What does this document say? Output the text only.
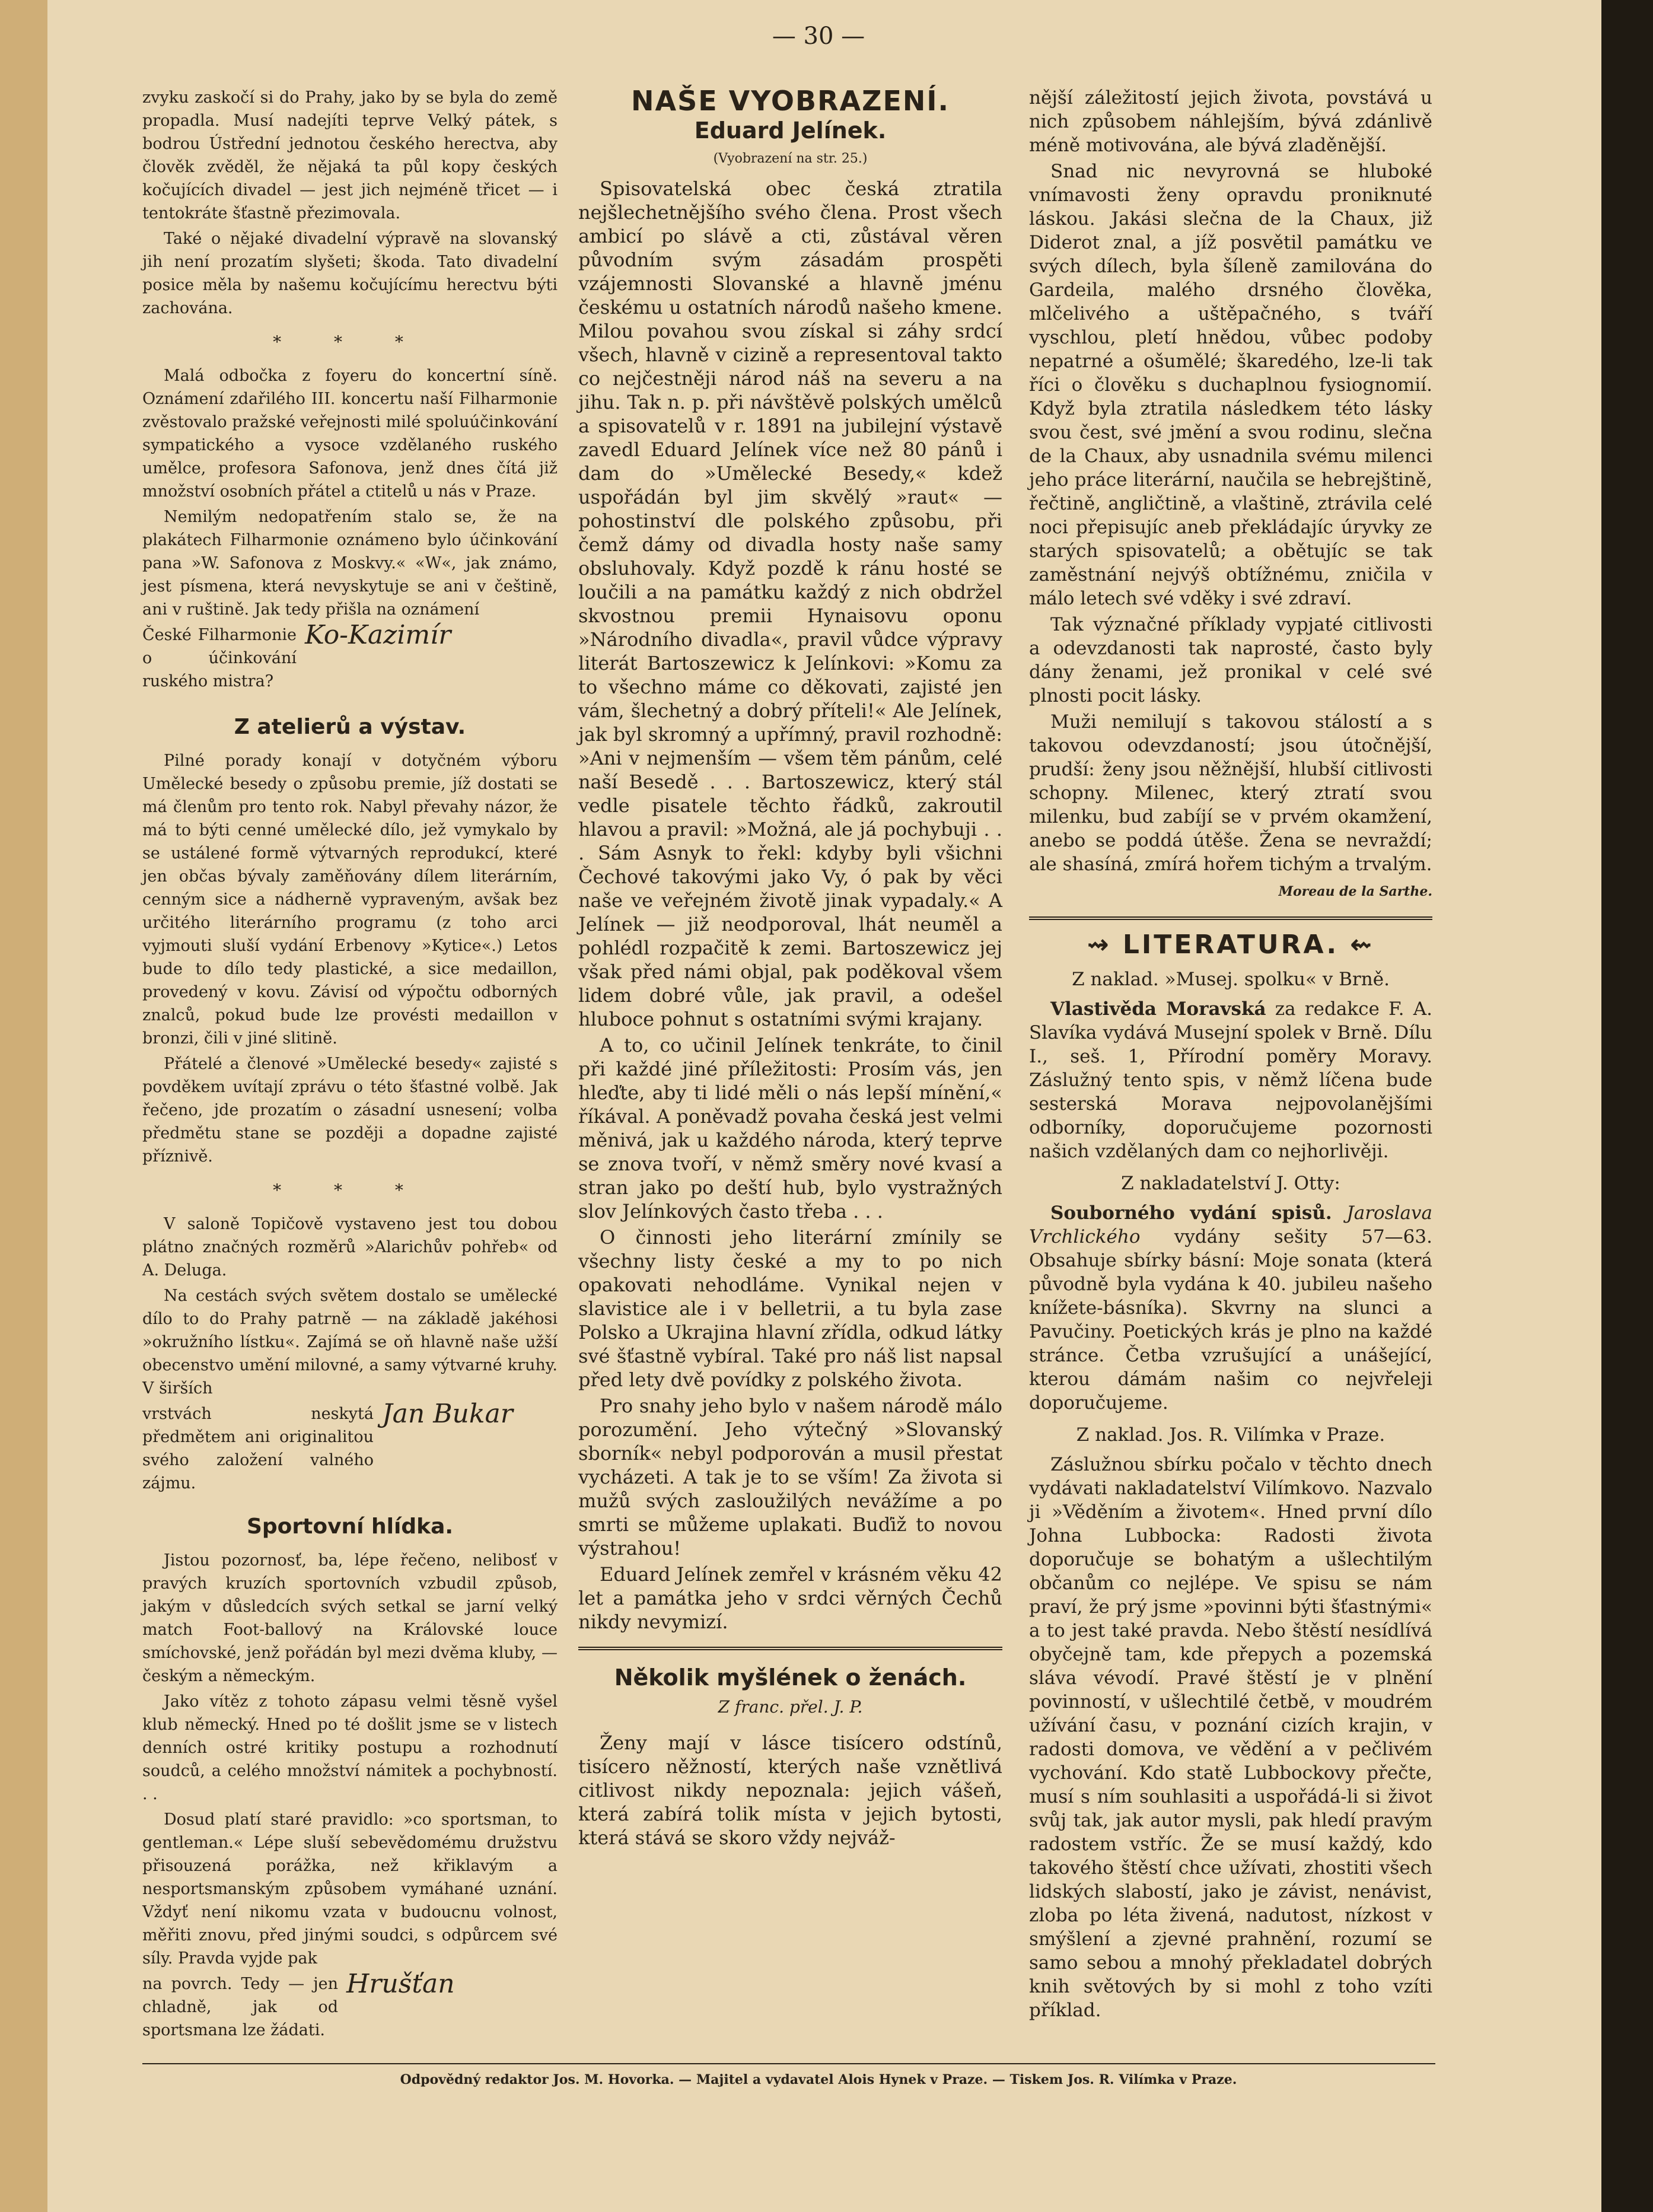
— 30 —

zvyku zaskočí si do Prahy, jako by se byla do země propadla. Musí nadejíti teprve Velký pátek, s bodrou Ústřední jednotou českého herectva, aby člověk zvěděl, že nějaká ta půl kopy českých kočujících divadel — jest jich nejméně třicet — i tentokráte šťastně přezimovala.

Také o nějaké divadelní výpravě na slovanský jih není prozatím slyšeti; škoda. Tato divadelní posice měla by našemu kočujícímu herectvu býti zachována.

* * *

Malá odbočka z foyeru do koncertní síně. Oznámení zdařilého III. koncertu naší Filharmonie zvěstovalo pražské veřejnosti milé spoluúčinkování sympatického a vysoce vzdělaného ruského umělce, profesora Safonova, jenž dnes čítá již množství osobních přátel a ctitelů u nás v Praze.

Nemilým nedopatřením stalo se, že na plakátech Filharmonie oznámeno bylo účinkování pana »W. Safonova z Moskvy.« «W«, jak známo, jest písmena, která nevyskytuje se ani v češtině, ani v ruštině. Jak tedy přišla na oznámení

České Filharmonie o účinkování ruského mistra?

Ko-Kazimír
Z atelierů a výstav.

Pilné porady konají v dotyčném výboru Umělecké besedy o způsobu premie, jíž dostati se má členům pro tento rok. Nabyl převahy názor, že má to býti cenné umělecké dílo, jež vymykalo by se ustálené formě výtvarných reprodukcí, které jen občas bývaly zaměňovány dílem literárním, cenným sice a nádherně vypraveným, avšak bez určitého literárního programu (z toho arci vyjmouti sluší vydání Erbenovy »Kytice«.) Letos bude to dílo tedy plastické, a sice medaillon, provedený v kovu. Závisí od výpočtu odborných znalců, pokud bude lze provésti medaillon v bronzi, čili v jiné slitině.

Přátelé a členové »Umělecké besedy« zajisté s povděkem uvítají zprávu o této šťastné volbě. Jak řečeno, jde prozatím o zásadní usnesení; volba předmětu stane se později a dopadne zajisté příznivě.

* * *

V saloně Topičově vystaveno jest tou dobou plátno značných rozměrů »Alarichův pohřeb« od A. Deluga.

Na cestách svých světem dostalo se umělecké dílo to do Prahy patrně — na základě jakéhosi »okružního lístku«. Zajímá se oň hlavně naše užší obecenstvo umění milovné, a samy výtvarné kruhy. V širších

vrstvách neskytá předmětem ani originalitou svého založení valného zájmu.

Jan Bukar
Sportovní hlídka.

Jistou pozornosť, ba, lépe řečeno, nelibosť v pravých kruzích sportovních vzbudil způsob, jakým v důsledcích svých setkal se jarní velký match Foot-ballový na Královské louce smíchovské, jenž pořádán byl mezi dvěma kluby, — českým a německým.

Jako vítěz z tohoto zápasu velmi těsně vyšel klub německý. Hned po té došlit jsme se v listech denních ostré kritiky postupu a rozhodnutí soudců, a celého množství námitek a pochybností. . .

Dosud platí staré pravidlo: »co sportsman, to gentleman.« Lépe sluší sebevědomému družstvu přisouzená porážka, než křiklavým a nesportsmanským způsobem vymáhané uznání. Vždyť není nikomu vzata v budoucnu volnost, měřiti znovu, před jinými soudci, s odpůrcem své síly. Pravda vyjde pak

na povrch. Tedy — jen chladně, jak od sportsmana lze žádati.

Hrušťan
NAŠE VYOBRAZENÍ.
Eduard Jelínek.
(Vyobrazení na str. 25.)

Spisovatelská obec česká ztratila nejšlechetnějšího svého člena. Prost všech ambicí po slávě a cti, zůstával věren původním svým zásadám prospěti vzájemnosti Slovanské a hlavně jménu českému u ostatních národů našeho kmene. Milou povahou svou získal si záhy srdcí všech, hlavně v cizině a representoval takto co nejčestněji národ náš na severu a na jihu. Tak n. p. při návštěvě polských umělců a spisovatelů v r. 1891 na jubilejní výstavě zavedl Eduard Jelínek více než 80 pánů i dam do »Umělecké Besedy,« kdež uspořádán byl jim skvělý »raut« — pohostinství dle polského způsobu, při čemž dámy od divadla hosty naše samy obsluhovaly. Když pozdě k ránu hosté se loučili a na památku každý z nich obdržel skvostnou premii Hynaisovu oponu »Národního divadla«, pravil vůdce výpravy literát Bartoszewicz k Jelínkovi: »Komu za to všechno máme co děkovati, zajisté jen vám, šlechetný a dobrý příteli!« Ale Jelínek, jak byl skromný a upřímný, pravil rozhodně: »Ani v nejmenším — všem těm pánům, celé naší Besedě . . . Bartoszewicz, který stál vedle pisatele těchto řádků, zakroutil hlavou a pravil: »Možná, ale já pochybuji . . . Sám Asnyk to řekl: kdyby byli všichni Čechové takovými jako Vy, ó pak by věci naše ve veřejném životě jinak vypadaly.« A Jelínek — již neodporoval, lhát neuměl a pohlédl rozpačitě k zemi. Bartoszewicz jej však před námi objal, pak poděkoval všem lidem dobré vůle, jak pravil, a odešel hluboce pohnut s ostatními svými krajany.

A to, co učinil Jelínek tenkráte, to činil při každé jiné příležitosti: Prosím vás, jen hleďte, aby ti lidé měli o nás lepší mínění,« říkával. A poněvadž povaha česká jest velmi měnivá, jak u každého národa, který teprve se znova tvoří, v němž směry nové kvasí a stran jako po deští hub, bylo vystražných slov Jelínkových často třeba . . .

O činnosti jeho literární zmínily se všechny listy české a my to po nich opakovati nehodláme. Vynikal nejen v slavistice ale i v belletrii, a tu byla zase Polsko a Ukrajina hlavní zřídla, odkud látky své šťastně vybíral. Také pro náš list napsal před lety dvě povídky z polského života.

Pro snahy jeho bylo v našem národě málo porozumění. Jeho výtečný »Slovanský sborník« nebyl podporován a musil přestat vycházeti. A tak je to se vším! Za života si mužů svých zasloužilých nevážíme a po smrti se můžeme uplakati. Buďiž to novou výstrahou!

Eduard Jelínek zemřel v krásném věku 42 let a památka jeho v srdci věrných Čechů nikdy nevymizí.

Několik myšlének o ženách.
Z franc. přel. J. P.

Ženy mají v lásce tisícero odstínů, tisícero něžností, kterých naše vznětlivá citlivost nikdy nepoznala: jejich vášeň, která zabírá tolik místa v jejich bytosti, která stává se skoro vždy nejváž-

nější záležitostí jejich života, povstává u nich způsobem náhlejším, bývá zdánlivě méně motivována, ale bývá zladěnější.

Snad nic nevyrovná se hluboké vnímavosti ženy opravdu proniknuté láskou. Jakási slečna de la Chaux, již Diderot znal, a jíž posvětil památku ve svých dílech, byla šíleně zamilována do Gardeila, malého drsného člověka, mlčelivého a uštěpačného, s tváří vyschlou, pletí hnědou, vůbec podoby nepatrné a ošumělé; škaredého, lze-li tak říci o člověku s duchaplnou fysiognomií. Když byla ztratila následkem této lásky svou čest, své jmění a svou rodinu, slečna de la Chaux, aby usnadnila svému milenci jeho práce literární, naučila se hebrejštině, řečtině, angličtině, a vlaštině, ztrávila celé noci přepisujíc aneb překládajíc úryvky ze starých spisovatelů; a obětujíc se tak zaměstnání nejvýš obtížnému, zničila v málo letech své vděky i své zdraví.

Tak význačné příklady vypjaté citlivosti a odevzdanosti tak naprosté, často byly dány ženami, jež pronikal v celé své plnosti pocit lásky.

Muži nemilují s takovou stálostí a s takovou odevzdaností; jsou útočnější, prudší: ženy jsou něžnější, hlubší citlivosti schopny. Milenec, který ztratí svou milenku, bud zabíjí se v prvém okamžení, anebo se poddá útěše. Žena se nevraždí; ale shasíná, zmírá hořem tichým a trvalým.

Moreau de la Sarthe.
⇝ LITERATURA. ⇜
Z naklad. »Musej. spolku« v Brně.

Vlastivěda Moravská za redakce F. A. Slavíka vydává Musejní spolek v Brně. Dílu I., seš. 1, Přírodní poměry Moravy. Záslužný tento spis, v němž líčena bude sesterská Morava nejpovolanějšími odborníky, doporučujeme pozornosti našich vzdělaných dam co nejhorlivěji.

Z nakladatelství J. Otty:

Souborného vydání spisů. Jaroslava Vrchlického vydány sešity 57—63. Obsahuje sbírky básní: Moje sonata (která původně byla vydána k 40. jubileu našeho knížete-básníka). Skvrny na slunci a Pavučiny. Poetických krás je plno na každé stránce. Četba vzrušující a unášející, kterou dámám našim co nejvřeleji doporučujeme.

Z naklad. Jos. R. Vilímka v Praze.

Záslužnou sbírku počalo v těchto dnech vydávati nakladatelství Vilímkovo. Nazvalo ji »Věděním a životem«. Hned první dílo Johna Lubbocka: Radosti života doporučuje se bohatým a ušlechtilým občanům co nejlépe. Ve spisu se nám praví, že prý jsme »povinni býti šťastnými« a to jest také pravda. Nebo štěstí nesídlívá obyčejně tam, kde přepych a pozemská sláva vévodí. Pravé štěstí je v plnění povinností, v ušlechtilé četbě, v moudrém užívání času, v poznání cizích krajin, v radosti domova, ve vědění a v pečlivém vychování. Kdo statě Lubbockovy přečte, musí s ním souhlasiti a uspořádá-li si život svůj tak, jak autor mysli, pak hledí pravým radostem vstříc. Že se musí každý, kdo takového štěstí chce užívati, zhostiti všech lidských slabostí, jako je závist, nenávist, zloba po léta živená, nadutost, nízkost v smýšlení a zjevné prahnění, rozumí se samo sebou a mnohý překladatel dobrých knih světových by si mohl z toho vzíti příklad.

Odpovědný redaktor Jos. M. Hovorka. — Majitel a vydavatel Alois Hynek v Praze. — Tiskem Jos. R. Vilímka v Praze.
